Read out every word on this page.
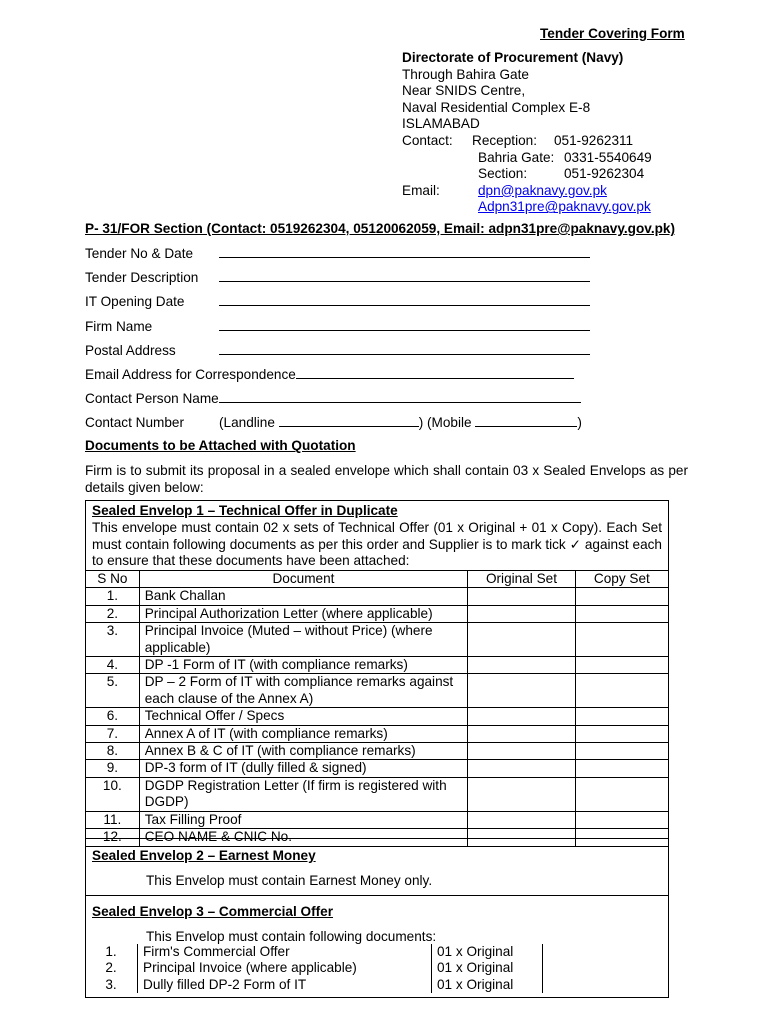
Tender Covering Form
Directorate of Procurement (Navy)
Through Bahira Gate
Near SNIDS Centre,
Naval Residential Complex E-8
ISLAMABAD
Contact: Reception: 051-9262311
Bahria Gate: 0331-5540649
Section:	051-9262304
Email:	dpn@paknavy.gov.pk
Adpn31pre@paknavy.gov.pk
P- 31/FOR Section (Contact: 0519262304, 05120062059, Email: adpn31pre@paknavy.gov.pk)
Tender No & Date
Tender Description
IT Opening Date
Firm Name
Postal Address
Email Address for Correspondence
Contact Person Name
Contact Number	(Landline	) (Mobile	)
Documents to be Attached with Quotation
Firm is to submit its proposal in a sealed envelope which shall contain 03 x Sealed Envelops as per details given below:
Sealed Envelop 1 – Technical Offer in Duplicate
This envelope must contain 02 x sets of Technical Offer (01 x Original + 01 x Copy). Each Set must contain following documents as per this order and Supplier is to mark tick ✓ against each to ensure that these documents have been attached:
S No	Document	Original Set	Copy Set
1.	Bank Challan		
2.	Principal Authorization Letter (where applicable)		
3.	Principal Invoice (Muted – without Price) (where applicable)		
4.	DP -1 Form of IT (with compliance remarks)		
5.	DP – 2 Form of IT with compliance remarks against each clause of the Annex A)		
6.	Technical Offer / Specs		
7.	Annex A of IT (with compliance remarks)		
8.	Annex B & C of IT (with compliance remarks)		
9.	DP-3 form of IT (dully filled & signed)		
10.	DGDP Registration Letter (If firm is registered with DGDP)		
11.	Tax Filling Proof		
12.	CEO NAME & CNIC No.		
Sealed Envelop 2 – Earnest Money
This Envelop must contain Earnest Money only.
Sealed Envelop 3 – Commercial Offer
This Envelop must contain following documents:
1.	Firm's Commercial Offer	01 x Original
2.	Principal Invoice (where applicable)	01 x Original
3.	Dully filled DP-2 Form of IT	01 x Original
